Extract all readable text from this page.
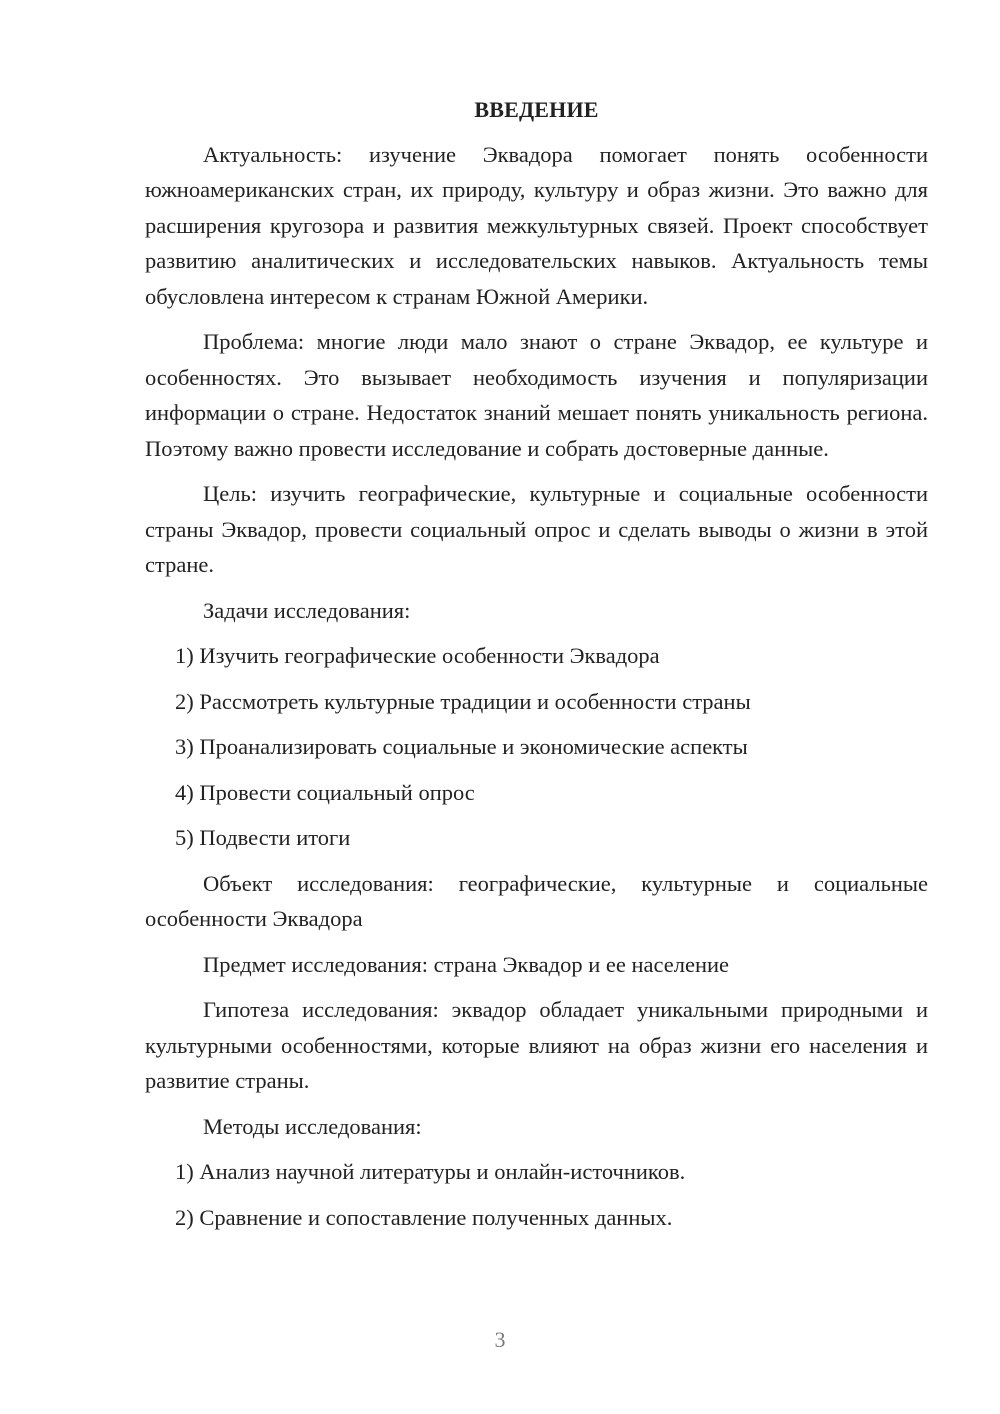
ВВЕДЕНИЕ

Актуальность: изучение Эквадора помогает понять особенности южноамериканских стран, их природу, культуру и образ жизни. Это важно для расширения кругозора и развития межкультурных связей. Проект способствует развитию аналитических и исследовательских навыков. Актуальность темы обусловлена интересом к странам Южной Америки.

Проблема: многие люди мало знают о стране Эквадор, ее культуре и особенностях. Это вызывает необходимость изучения и популяризации информации о стране. Недостаток знаний мешает понять уникальность региона. Поэтому важно провести исследование и собрать достоверные данные.

Цель: изучить географические, культурные и социальные особенности страны Эквадор, провести социальный опрос и сделать выводы о жизни в этой стране.

Задачи исследования:

1) Изучить географические особенности Эквадора
2) Рассмотреть культурные традиции и особенности страны
3) Проанализировать социальные и экономические аспекты
4) Провести социальный опрос
5) Подвести итоги

Объект исследования: географические, культурные и социальные особенности Эквадора

Предмет исследования: страна Эквадор и ее население

Гипотеза исследования: эквадор обладает уникальными природными и культурными особенностями, которые влияют на образ жизни его населения и развитие страны.

Методы исследования:

1) Анализ научной литературы и онлайн-источников.
2) Сравнение и сопоставление полученных данных.
3
